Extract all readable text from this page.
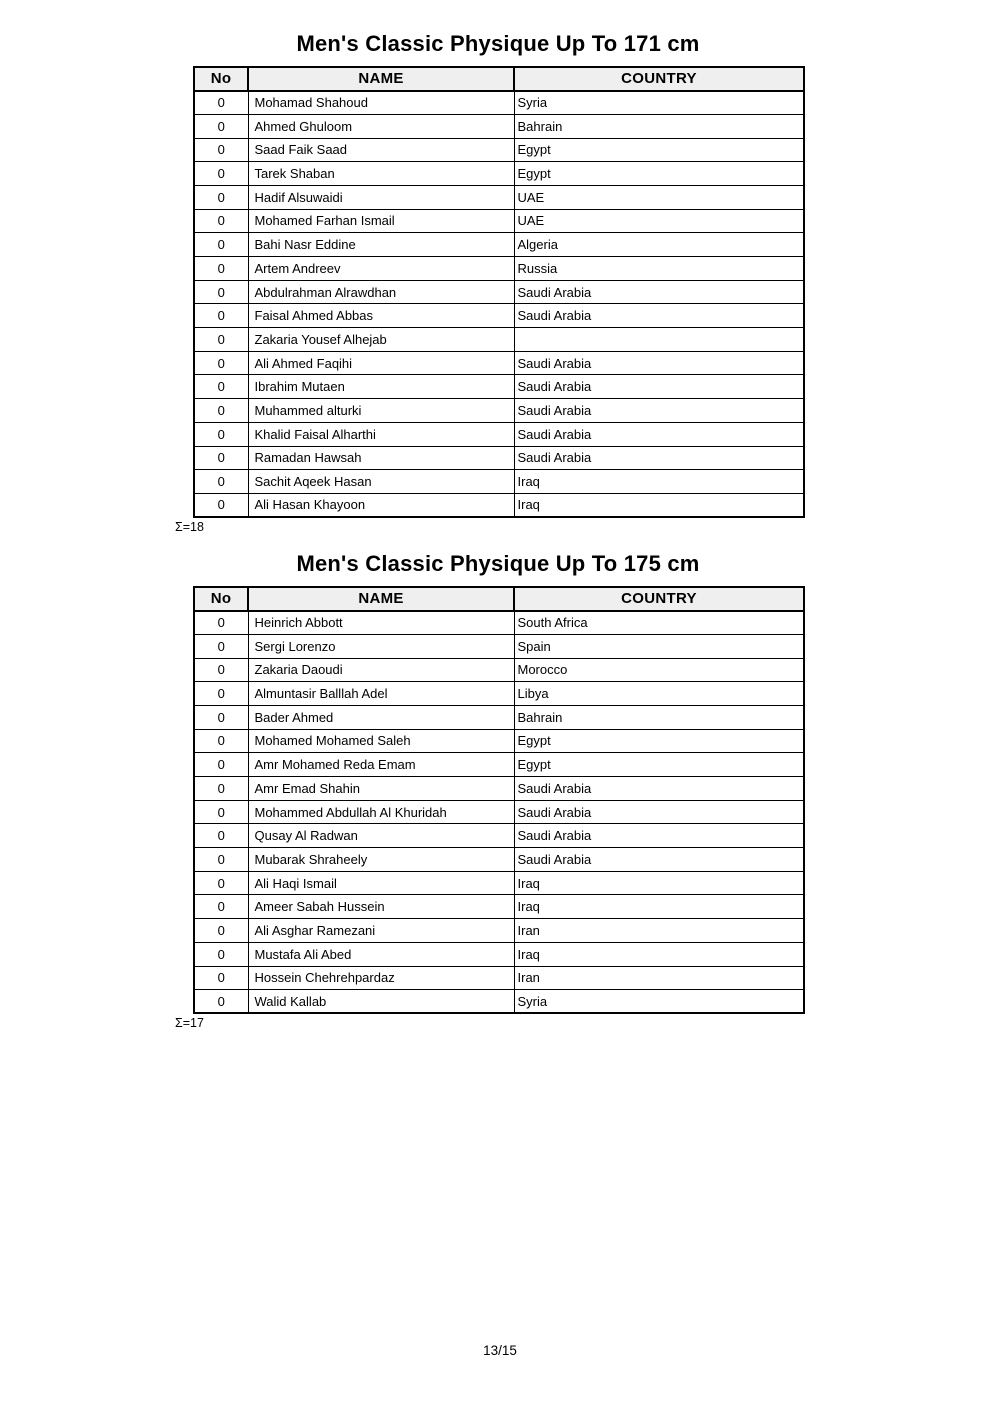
Men's Classic Physique Up To 171 cm
No	NAME	COUNTRY
0	Mohamad Shahoud	Syria
0	Ahmed Ghuloom	Bahrain
0	Saad Faik Saad	Egypt
0	Tarek Shaban	Egypt
0	Hadif Alsuwaidi	UAE
0	Mohamed Farhan Ismail	UAE
0	Bahi Nasr Eddine	Algeria
0	Artem Andreev	Russia
0	Abdulrahman Alrawdhan	Saudi Arabia
0	Faisal Ahmed Abbas	Saudi Arabia
0	Zakaria Yousef Alhejab	
0	Ali Ahmed Faqihi	Saudi Arabia
0	Ibrahim Mutaen	Saudi Arabia
0	Muhammed alturki	Saudi Arabia
0	Khalid Faisal Alharthi	Saudi Arabia
0	Ramadan Hawsah	Saudi Arabia
0	Sachit Aqeek Hasan	Iraq
0	Ali Hasan Khayoon	Iraq
Σ=18
Men's Classic Physique Up To 175 cm
No	NAME	COUNTRY
0	Heinrich Abbott	South Africa
0	Sergi Lorenzo	Spain
0	Zakaria Daoudi	Morocco
0	Almuntasir Balllah Adel	Libya
0	Bader Ahmed	Bahrain
0	Mohamed Mohamed Saleh	Egypt
0	Amr Mohamed Reda Emam	Egypt
0	Amr Emad Shahin	Saudi Arabia
0	Mohammed Abdullah Al Khuridah	Saudi Arabia
0	Qusay Al Radwan	Saudi Arabia
0	Mubarak Shraheely	Saudi Arabia
0	Ali Haqi Ismail	Iraq
0	Ameer Sabah Hussein	Iraq
0	Ali Asghar Ramezani	Iran
0	Mustafa Ali Abed	Iraq
0	Hossein Chehrehpardaz	Iran
0	Walid Kallab	Syria
Σ=17
13/15
